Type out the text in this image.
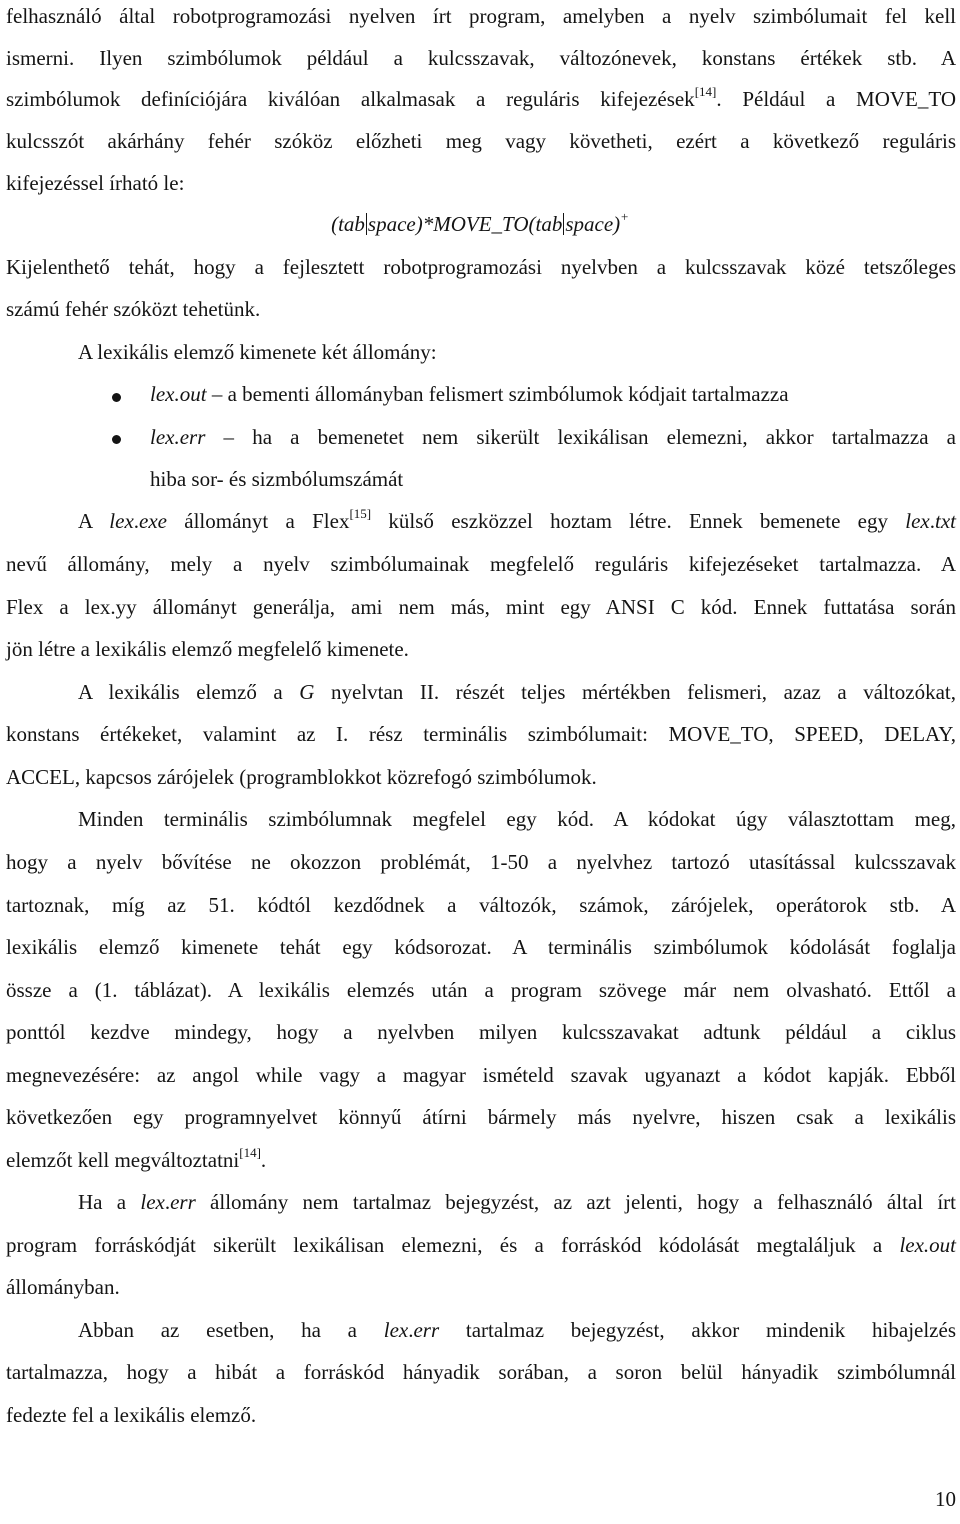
felhasználó által robotprogramozási nyelven írt program, amelyben a nyelv szimbólumait fel kell
ismerni. Ilyen szimbólumok például a kulcsszavak, változónevek, konstans értékek stb. A
szimbólumok definíciójára kiválóan alkalmasak a reguláris kifejezések[14]. Például a MOVE_TO
kulcsszót akárhány fehér szóköz előzheti meg vagy követheti, ezért a következő reguláris
kifejezéssel írható le:
(tab space)*MOVE_TO(tab space)+
Kijelenthető tehát, hogy a fejlesztett robotprogramozási nyelvben a kulcsszavak közé tetszőleges
számú fehér szóközt tehetünk.
A lexikális elemző kimenete két állomány:
lex.out – a bementi állományban felismert szimbólumok kódjait tartalmazza
lex.err – ha a bemenetet nem sikerült lexikálisan elemezni, akkor tartalmazza a
hiba sor- és sizmbólumszámát
A lex.exe állományt a Flex[15] külső eszközzel hoztam létre. Ennek bemenete egy lex.txt
nevű állomány, mely a nyelv szimbólumainak megfelelő reguláris kifejezéseket tartalmazza. A
Flex a lex.yy állományt generálja, ami nem más, mint egy ANSI C kód. Ennek futtatása során
jön létre a lexikális elemző megfelelő kimenete.
A lexikális elemző a G nyelvtan II. részét teljes mértékben felismeri, azaz a változókat,
konstans értékeket, valamint az I. rész terminális szimbólumait: MOVE_TO, SPEED, DELAY,
ACCEL, kapcsos zárójelek (programblokkot közrefogó szimbólumok.
Minden terminális szimbólumnak megfelel egy kód. A kódokat úgy választottam meg,
hogy a nyelv bővítése ne okozzon problémát, 1-50 a nyelvhez tartozó utasítással kulcsszavak
tartoznak, míg az 51. kódtól kezdődnek a változók, számok, zárójelek, operátorok stb. A
lexikális elemző kimenete tehát egy kódsorozat. A terminális szimbólumok kódolását foglalja
össze a (1. táblázat). A lexikális elemzés után a program szövege már nem olvasható. Ettől a
ponttól kezdve mindegy, hogy a nyelvben milyen kulcsszavakat adtunk például a ciklus
megnevezésére: az angol while vagy a magyar ismételd szavak ugyanazt a kódot kapják. Ebből
következően egy programnyelvet könnyű átírni bármely más nyelvre, hiszen csak a lexikális
elemzőt kell megváltoztatni[14].
Ha a lex.err állomány nem tartalmaz bejegyzést, az azt jelenti, hogy a felhasználó által írt
program forráskódját sikerült lexikálisan elemezni, és a forráskód kódolását megtaláljuk a lex.out
állományban.
Abban az esetben, ha a lex.err tartalmaz bejegyzést, akkor mindenik hibajelzés
tartalmazza, hogy a hibát a forráskód hányadik sorában, a soron belül hányadik szimbólumnál
fedezte fel a lexikális elemző.
10
